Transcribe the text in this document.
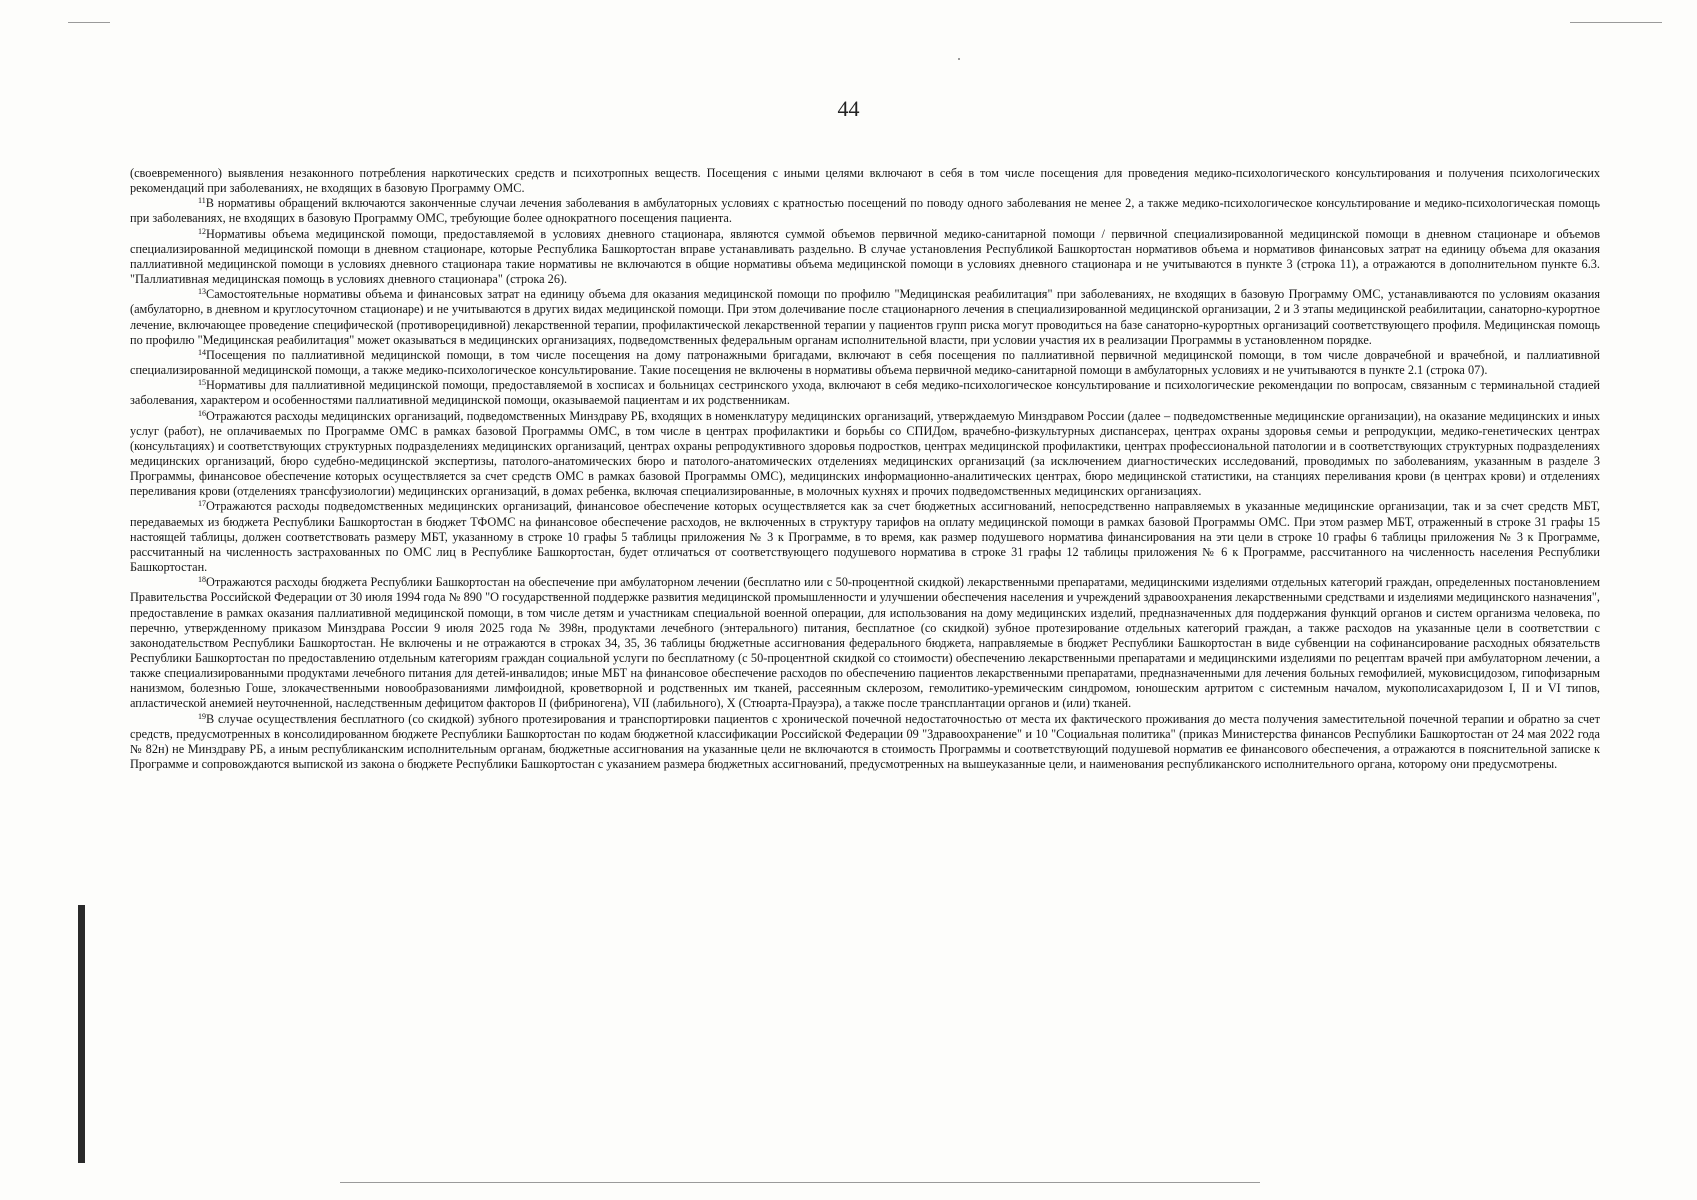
44

(своевременного) выявления незаконного потребления наркотических средств и психотропных веществ. Посещения с иными целями включают в себя в том числе посещения для проведения медико-психологического консультирования и получения психологических рекомендаций при заболеваниях, не входящих в базовую Программу ОМС.

$^{11}$В нормативы обращений включаются законченные случаи лечения заболевания в амбулаторных условиях с кратностью посещений по поводу одного заболевания не менее 2, а также медико-психологическое консультирование и медико-психологическая помощь при заболеваниях, не входящих в базовую Программу ОМС, требующие более однократного посещения пациента.

$^{12}$Нормативы объема медицинской помощи, предоставляемой в условиях дневного стационара, являются суммой объемов первичной медико-санитарной помощи / первичной специализированной медицинской помощи в дневном стационаре и объемов специализированной медицинской помощи в дневном стационаре, которые Республика Башкортостан вправе устанавливать раздельно. В случае установления Республикой Башкортостан нормативов объема и нормативов финансовых затрат на единицу объема для оказания паллиативной медицинской помощи в условиях дневного стационара такие нормативы не включаются в общие нормативы объема медицинской помощи в условиях дневного стационара и не учитываются в пункте 3 (строка 11), а отражаются в дополнительном пункте 6.3. "Паллиативная медицинская помощь в условиях дневного стационара" (строка 26).

$^{13}$Самостоятельные нормативы объема и финансовых затрат на единицу объема для оказания медицинской помощи по профилю "Медицинская реабилитация" при заболеваниях, не входящих в базовую Программу ОМС, устанавливаются по условиям оказания (амбулаторно, в дневном и круглосуточном стационаре) и не учитываются в других видах медицинской помощи. При этом долечивание после стационарного лечения в специализированной медицинской организации, 2 и 3 этапы медицинской реабилитации, санаторно-курортное лечение, включающее проведение специфической (противорецидивной) лекарственной терапии, профилактической лекарственной терапии у пациентов групп риска могут проводиться на базе санаторно-курортных организаций соответствующего профиля. Медицинская помощь по профилю "Медицинская реабилитация" может оказываться в медицинских организациях, подведомственных федеральным органам исполнительной власти, при условии участия их в реализации Программы в установленном порядке.

$^{14}$Посещения по паллиативной медицинской помощи, в том числе посещения на дому патронажными бригадами, включают в себя посещения по паллиативной первичной медицинской помощи, в том числе доврачебной и врачебной, и паллиативной специализированной медицинской помощи, а также медико-психологическое консультирование. Такие посещения не включены в нормативы объема первичной медико-санитарной помощи в амбулаторных условиях и не учитываются в пункте 2.1 (строка 07).

$^{15}$Нормативы для паллиативной медицинской помощи, предоставляемой в хосписах и больницах сестринского ухода, включают в себя медико-психологическое консультирование и психологические рекомендации по вопросам, связанным с терминальной стадией заболевания, характером и особенностями паллиативной медицинской помощи, оказываемой пациентам и их родственникам.

$^{16}$Отражаются расходы медицинских организаций, подведомственных Минздраву РБ, входящих в номенклатуру медицинских организаций, утверждаемую Минздравом России (далее – подведомственные медицинские организации), на оказание медицинских и иных услуг (работ), не оплачиваемых по Программе ОМС в рамках базовой Программы ОМС, в том числе в центрах профилактики и борьбы со СПИДом, врачебно-физкультурных диспансерах, центрах охраны здоровья семьи и репродукции, медико-генетических центрах (консультациях) и соответствующих структурных подразделениях медицинских организаций, центрах охраны репродуктивного здоровья подростков, центрах медицинской профилактики, центрах профессиональной патологии и в соответствующих структурных подразделениях медицинских организаций, бюро судебно-медицинской экспертизы, патолого-анатомических бюро и патолого-анатомических отделениях медицинских организаций (за исключением диагностических исследований, проводимых по заболеваниям, указанным в разделе 3 Программы, финансовое обеспечение которых осуществляется за счет средств ОМС в рамках базовой Программы ОМС), медицинских информационно-аналитических центрах, бюро медицинской статистики, на станциях переливания крови (в центрах крови) и отделениях переливания крови (отделениях трансфузиологии) медицинских организаций, в домах ребенка, включая специализированные, в молочных кухнях и прочих подведомственных медицинских организациях.

$^{17}$Отражаются расходы подведомственных медицинских организаций, финансовое обеспечение которых осуществляется как за счет бюджетных ассигнований, непосредственно направляемых в указанные медицинские организации, так и за счет средств МБТ, передаваемых из бюджета Республики Башкортостан в бюджет ТФОМС на финансовое обеспечение расходов, не включенных в структуру тарифов на оплату медицинской помощи в рамках базовой Программы ОМС. При этом размер МБТ, отраженный в строке 31 графы 15 настоящей таблицы, должен соответствовать размеру МБТ, указанному в строке 10 графы 5 таблицы приложения № 3 к Программе, в то время, как размер подушевого норматива финансирования на эти цели в строке 10 графы 6 таблицы приложения № 3 к Программе, рассчитанный на численность застрахованных по ОМС лиц в Республике Башкортостан, будет отличаться от соответствующего подушевого норматива в строке 31 графы 12 таблицы приложения № 6 к Программе, рассчитанного на численность населения Республики Башкортостан.

$^{18}$Отражаются расходы бюджета Республики Башкортостан на обеспечение при амбулаторном лечении (бесплатно или с 50-процентной скидкой) лекарственными препаратами, медицинскими изделиями отдельных категорий граждан, определенных постановлением Правительства Российской Федерации от 30 июля 1994 года № 890 "О государственной поддержке развития медицинской промышленности и улучшении обеспечения населения и учреждений здравоохранения лекарственными средствами и изделиями медицинского назначения", предоставление в рамках оказания паллиативной медицинской помощи, в том числе детям и участникам специальной военной операции, для использования на дому медицинских изделий, предназначенных для поддержания функций органов и систем организма человека, по перечню, утвержденному приказом Минздрава России 9 июля 2025 года № 398н, продуктами лечебного (энтерального) питания, бесплатное (со скидкой) зубное протезирование отдельных категорий граждан, а также расходов на указанные цели в соответствии с законодательством Республики Башкортостан. Не включены и не отражаются в строках 34, 35, 36 таблицы бюджетные ассигнования федерального бюджета, направляемые в бюджет Республики Башкортостан в виде субвенции на софинансирование расходных обязательств Республики Башкортостан по предоставлению отдельным категориям граждан социальной услуги по бесплатному (с 50-процентной скидкой со стоимости) обеспечению лекарственными препаратами и медицинскими изделиями по рецептам врачей при амбулаторном лечении, а также специализированными продуктами лечебного питания для детей-инвалидов; иные МБТ на финансовое обеспечение расходов по обеспечению пациентов лекарственными препаратами, предназначенными для лечения больных гемофилией, муковисцидозом, гипофизарным нанизмом, болезнью Гоше, злокачественными новообразованиями лимфоидной, кроветворной и родственных им тканей, рассеянным склерозом, гемолитико-уремическим синдромом, юношеским артритом с системным началом, мукополисахаридозом I, II и VI типов, апластической анемией неуточненной, наследственным дефицитом факторов II (фибриногена), VII (лабильного), X (Стюарта-Прауэра), а также после трансплантации органов и (или) тканей.

$^{19}$В случае осуществления бесплатного (со скидкой) зубного протезирования и транспортировки пациентов с хронической почечной недостаточностью от места их фактического проживания до места получения заместительной почечной терапии и обратно за счет средств, предусмотренных в консолидированном бюджете Республики Башкортостан по кодам бюджетной классификации Российской Федерации 09 "Здравоохранение" и 10 "Социальная политика" (приказ Министерства финансов Республики Башкортостан от 24 мая 2022 года № 82н) не Минздраву РБ, а иным республиканским исполнительным органам, бюджетные ассигнования на указанные цели не включаются в стоимость Программы и соответствующий подушевой норматив ее финансового обеспечения, а отражаются в пояснительной записке к Программе и сопровождаются выпиской из закона о бюджете Республики Башкортостан с указанием размера бюджетных ассигнований, предусмотренных на вышеуказанные цели, и наименования республиканского исполнительного органа, которому они предусмотрены.
